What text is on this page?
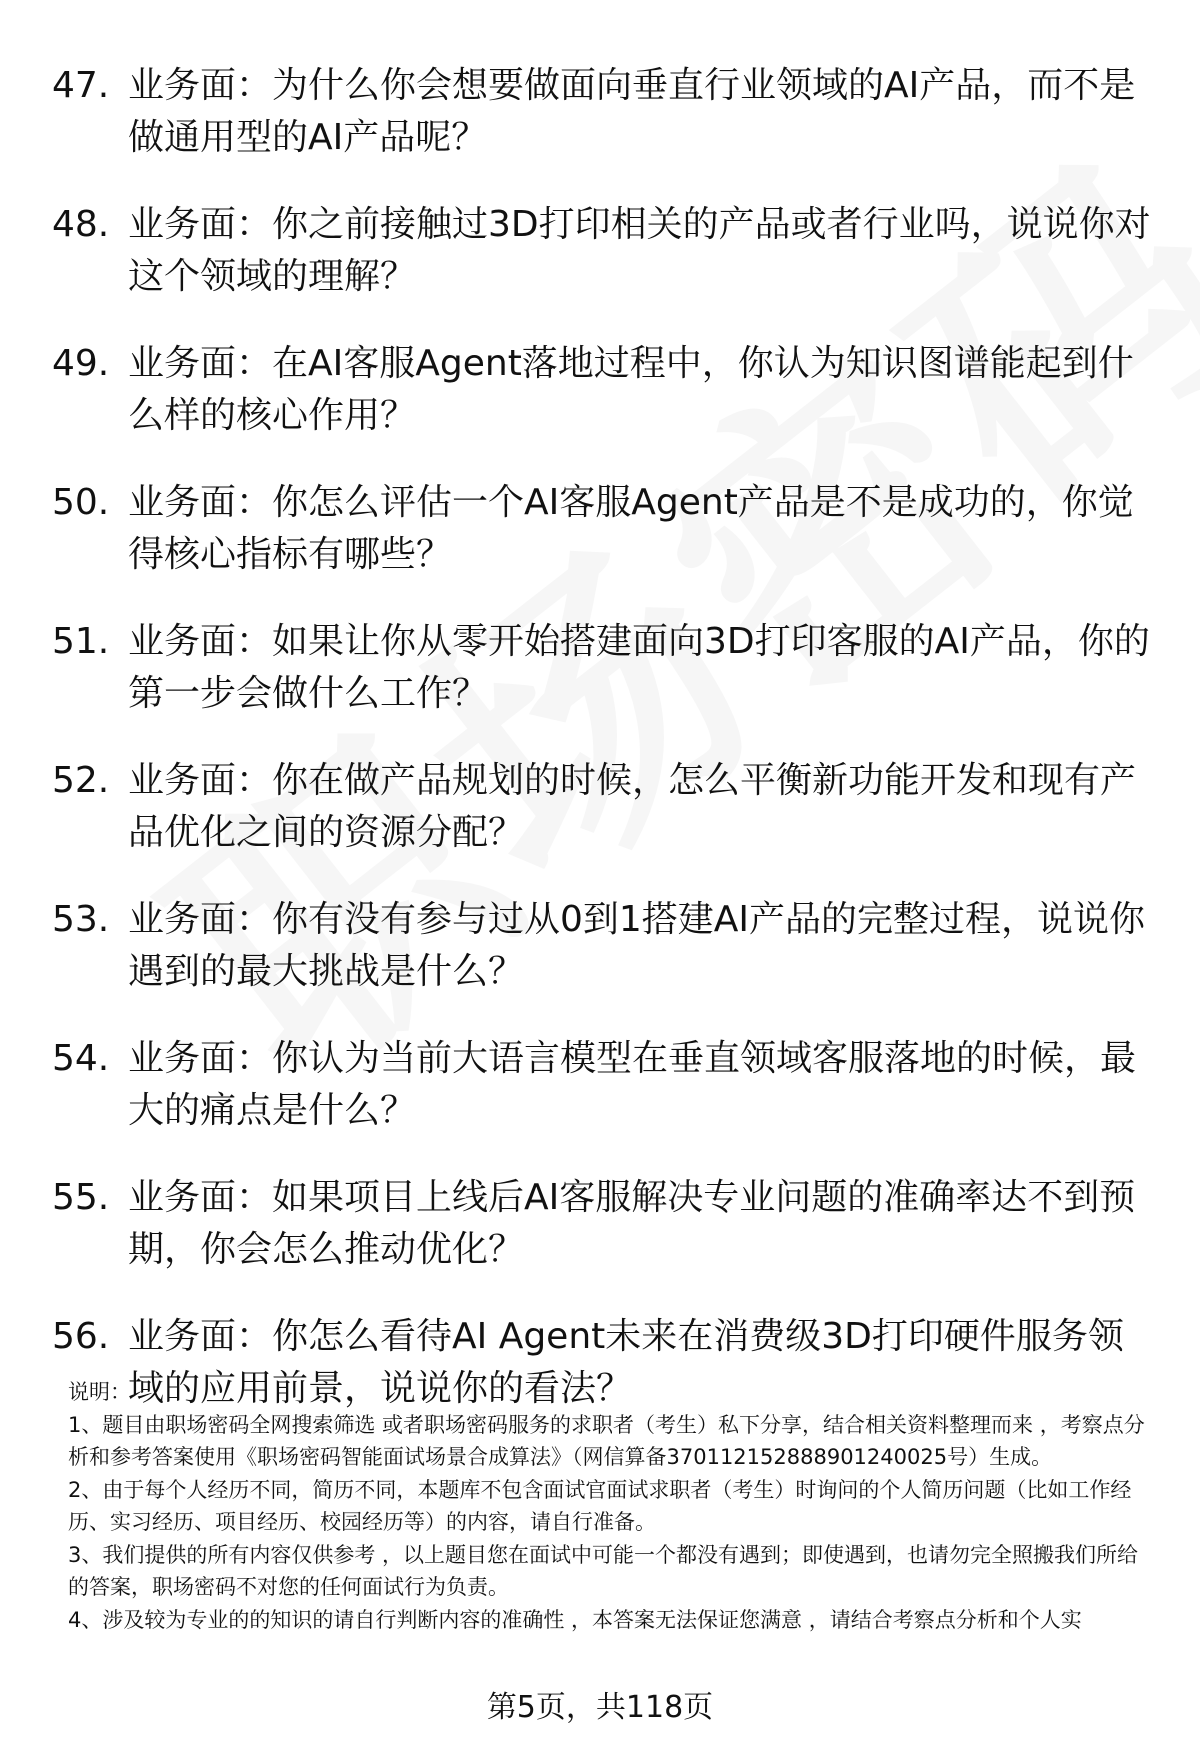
47. 业务面：为什么你会想要做面向垂直行业领域的AI产品，而不是做通用型的AI产品呢？
48. 业务面：你之前接触过3D打印相关的产品或者行业吗，说说你对这个领域的理解？
49. 业务面：在AI客服Agent落地过程中，你认为知识图谱能起到什么样的核心作用？
50. 业务面：你怎么评估一个AI客服Agent产品是不是成功的，你觉得核心指标有哪些？
51. 业务面：如果让你从零开始搭建面向3D打印客服的AI产品，你的第一步会做什么工作？
52. 业务面：你在做产品规划的时候，怎么平衡新功能开发和现有产品优化之间的资源分配？
53. 业务面：你有没有参与过从0到1搭建AI产品的完整过程，说说你遇到的最大挑战是什么？
54. 业务面：你认为当前大语言模型在垂直领域客服落地的时候，最大的痛点是什么？
55. 业务面：如果项目上线后AI客服解决专业问题的准确率达不到预期，你会怎么推动优化？
56. 业务面：你怎么看待AI Agent未来在消费级3D打印硬件服务领域的应用前景，说说你的看法？

说明：

1、题目由职场密码全网搜索筛选 或者职场密码服务的求职者（考生）私下分享，结合相关资料整理而来 ，考察点分析和参考答案使用《职场密码智能面试场景合成算法》（网信算备370112152888901240025号）生成。

2、由于每个人经历不同，简历不同，本题库不包含面试官面试求职者（考生）时询问的个人简历问题（比如工作经历、实习经历、项目经历、校园经历等）的内容，请自行准备。

3、我们提供的所有内容仅供参考 ，以上题目您在面试中可能一个都没有遇到；即使遇到，也请勿完全照搬我们所给的答案，职场密码不对您的任何面试行为负责。

4、涉及较为专业的的知识的请自行判断内容的准确性 ，本答案无法保证您满意 ，请结合考察点分析和个人实

第5页，共118页
